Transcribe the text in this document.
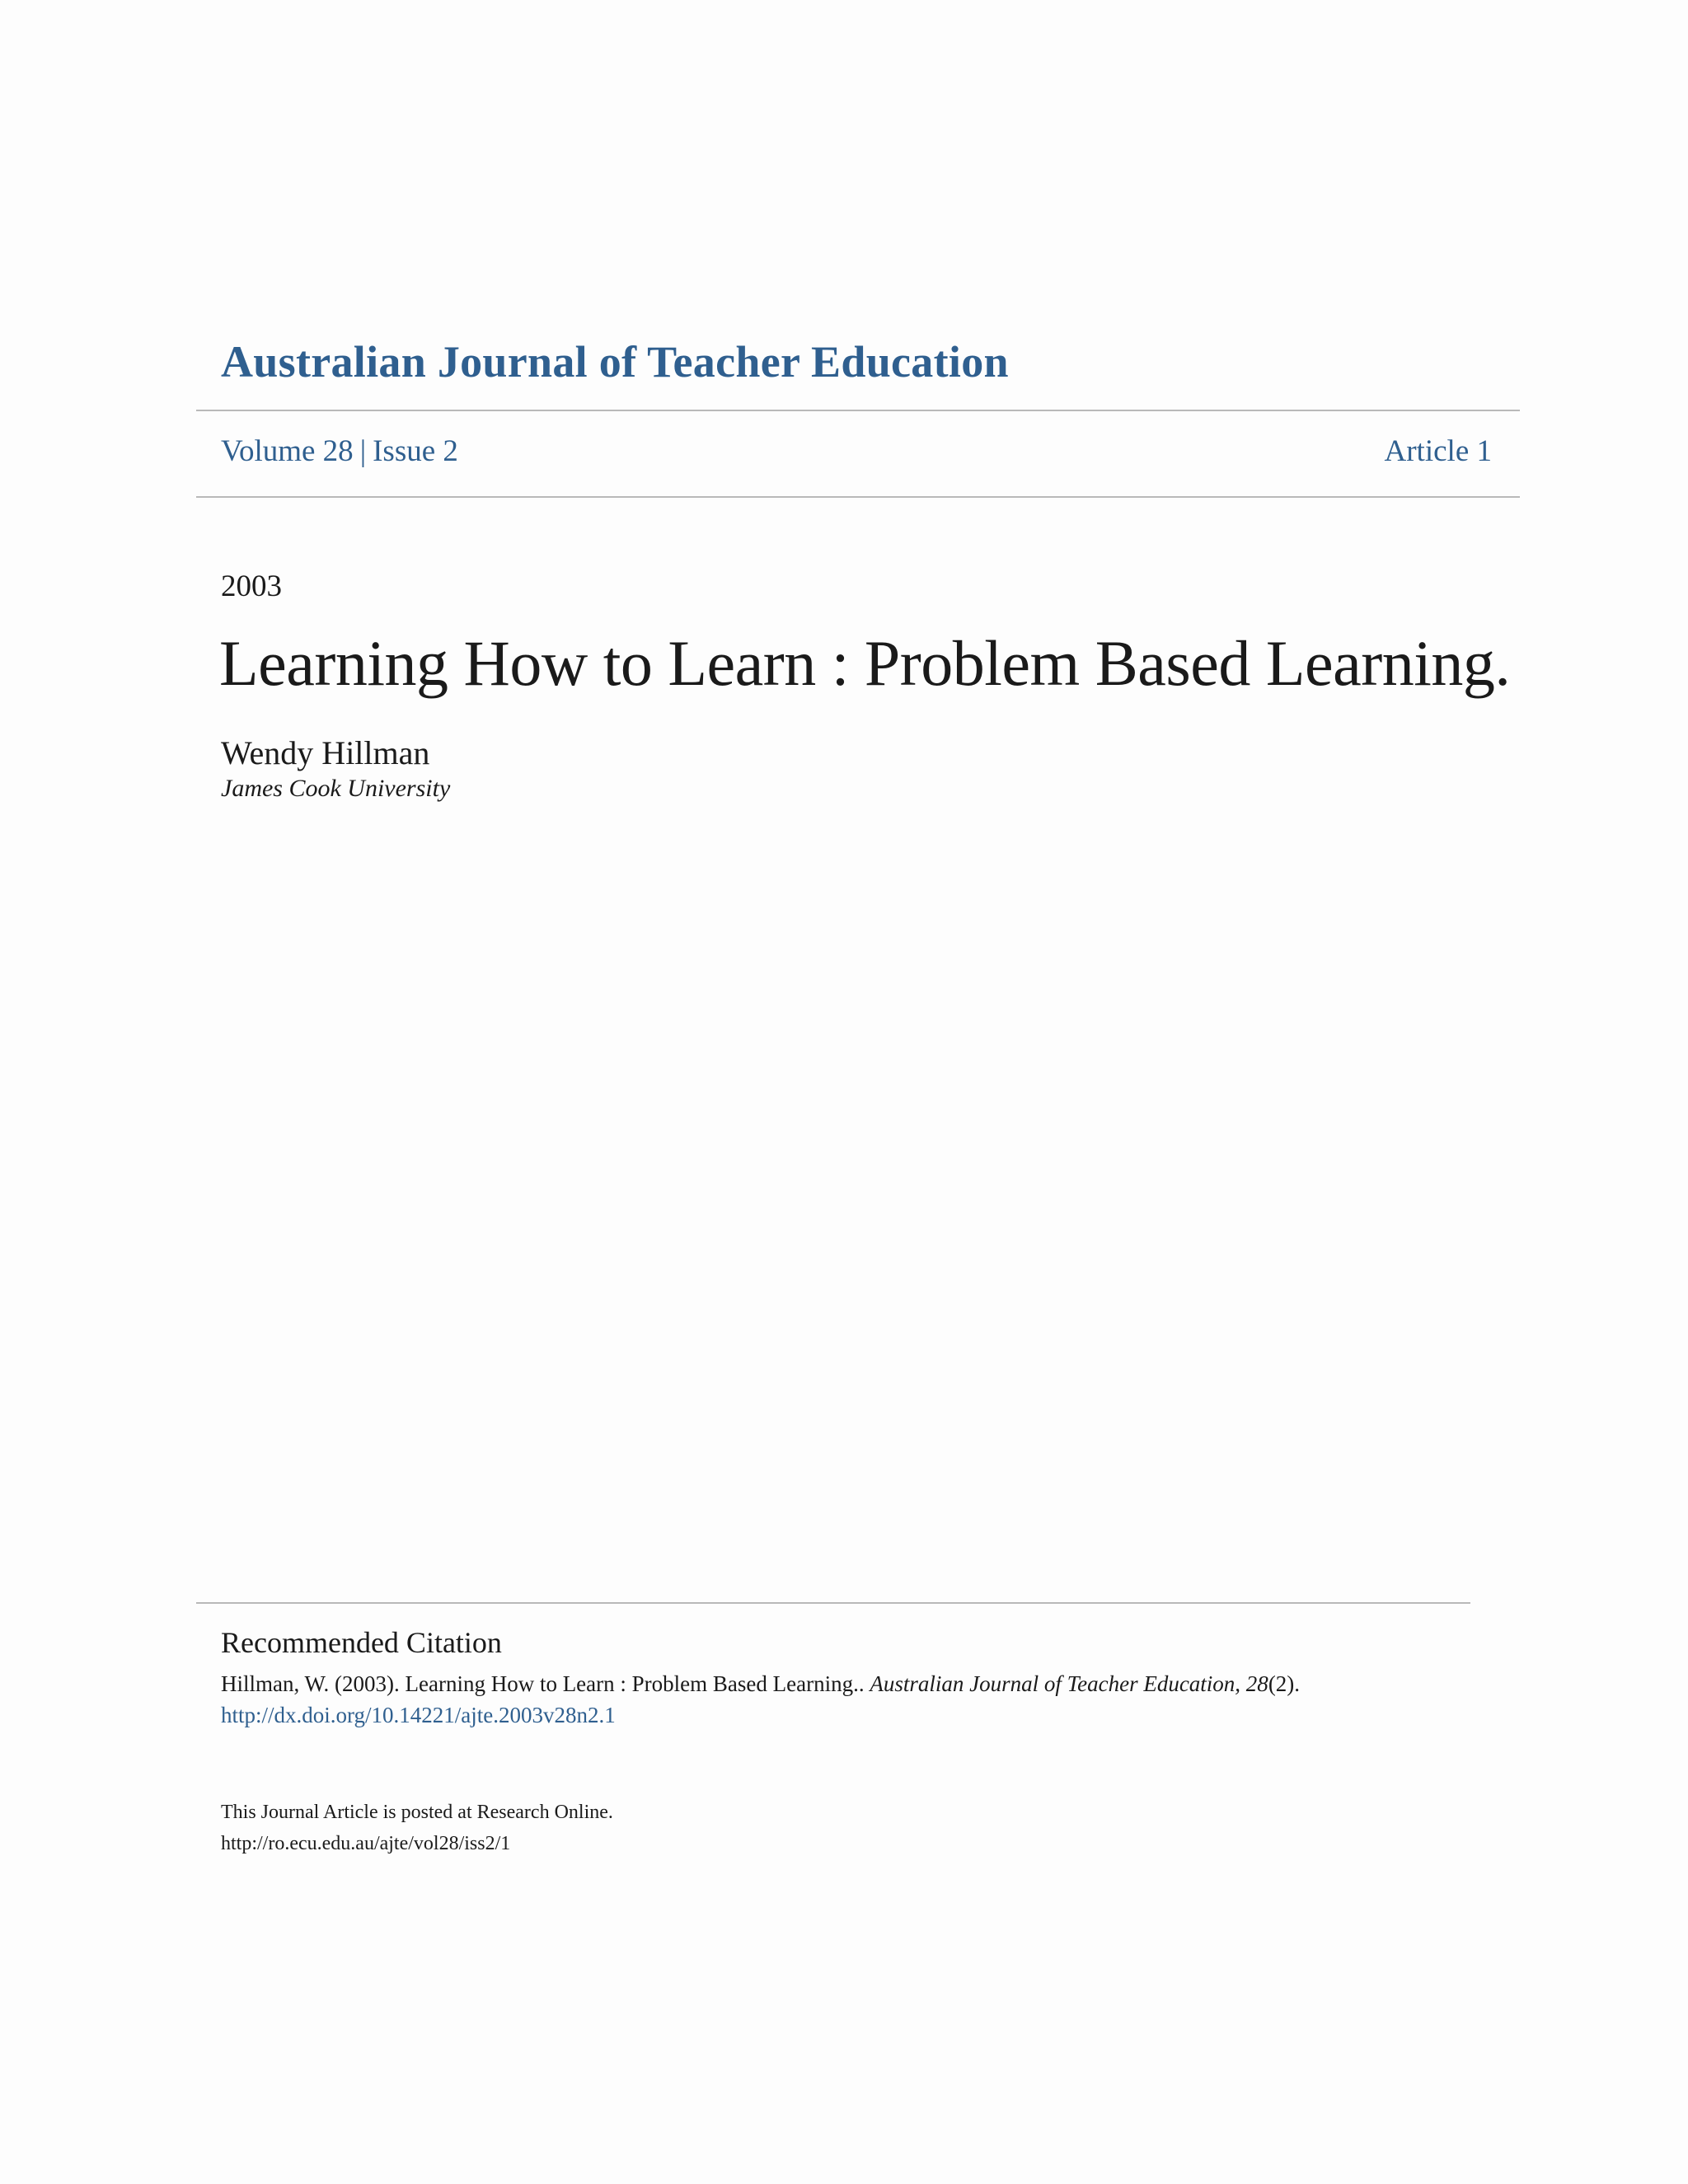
Australian Journal of Teacher Education
Volume 28 | Issue 2	Article 1
2003
Learning How to Learn : Problem Based Learning.
Wendy Hillman
James Cook University
Recommended Citation
Hillman, W. (2003). Learning How to Learn : Problem Based Learning.. Australian Journal of Teacher Education, 28(2).
http://dx.doi.org/10.14221/ajte.2003v28n2.1
This Journal Article is posted at Research Online.
http://ro.ecu.edu.au/ajte/vol28/iss2/1
